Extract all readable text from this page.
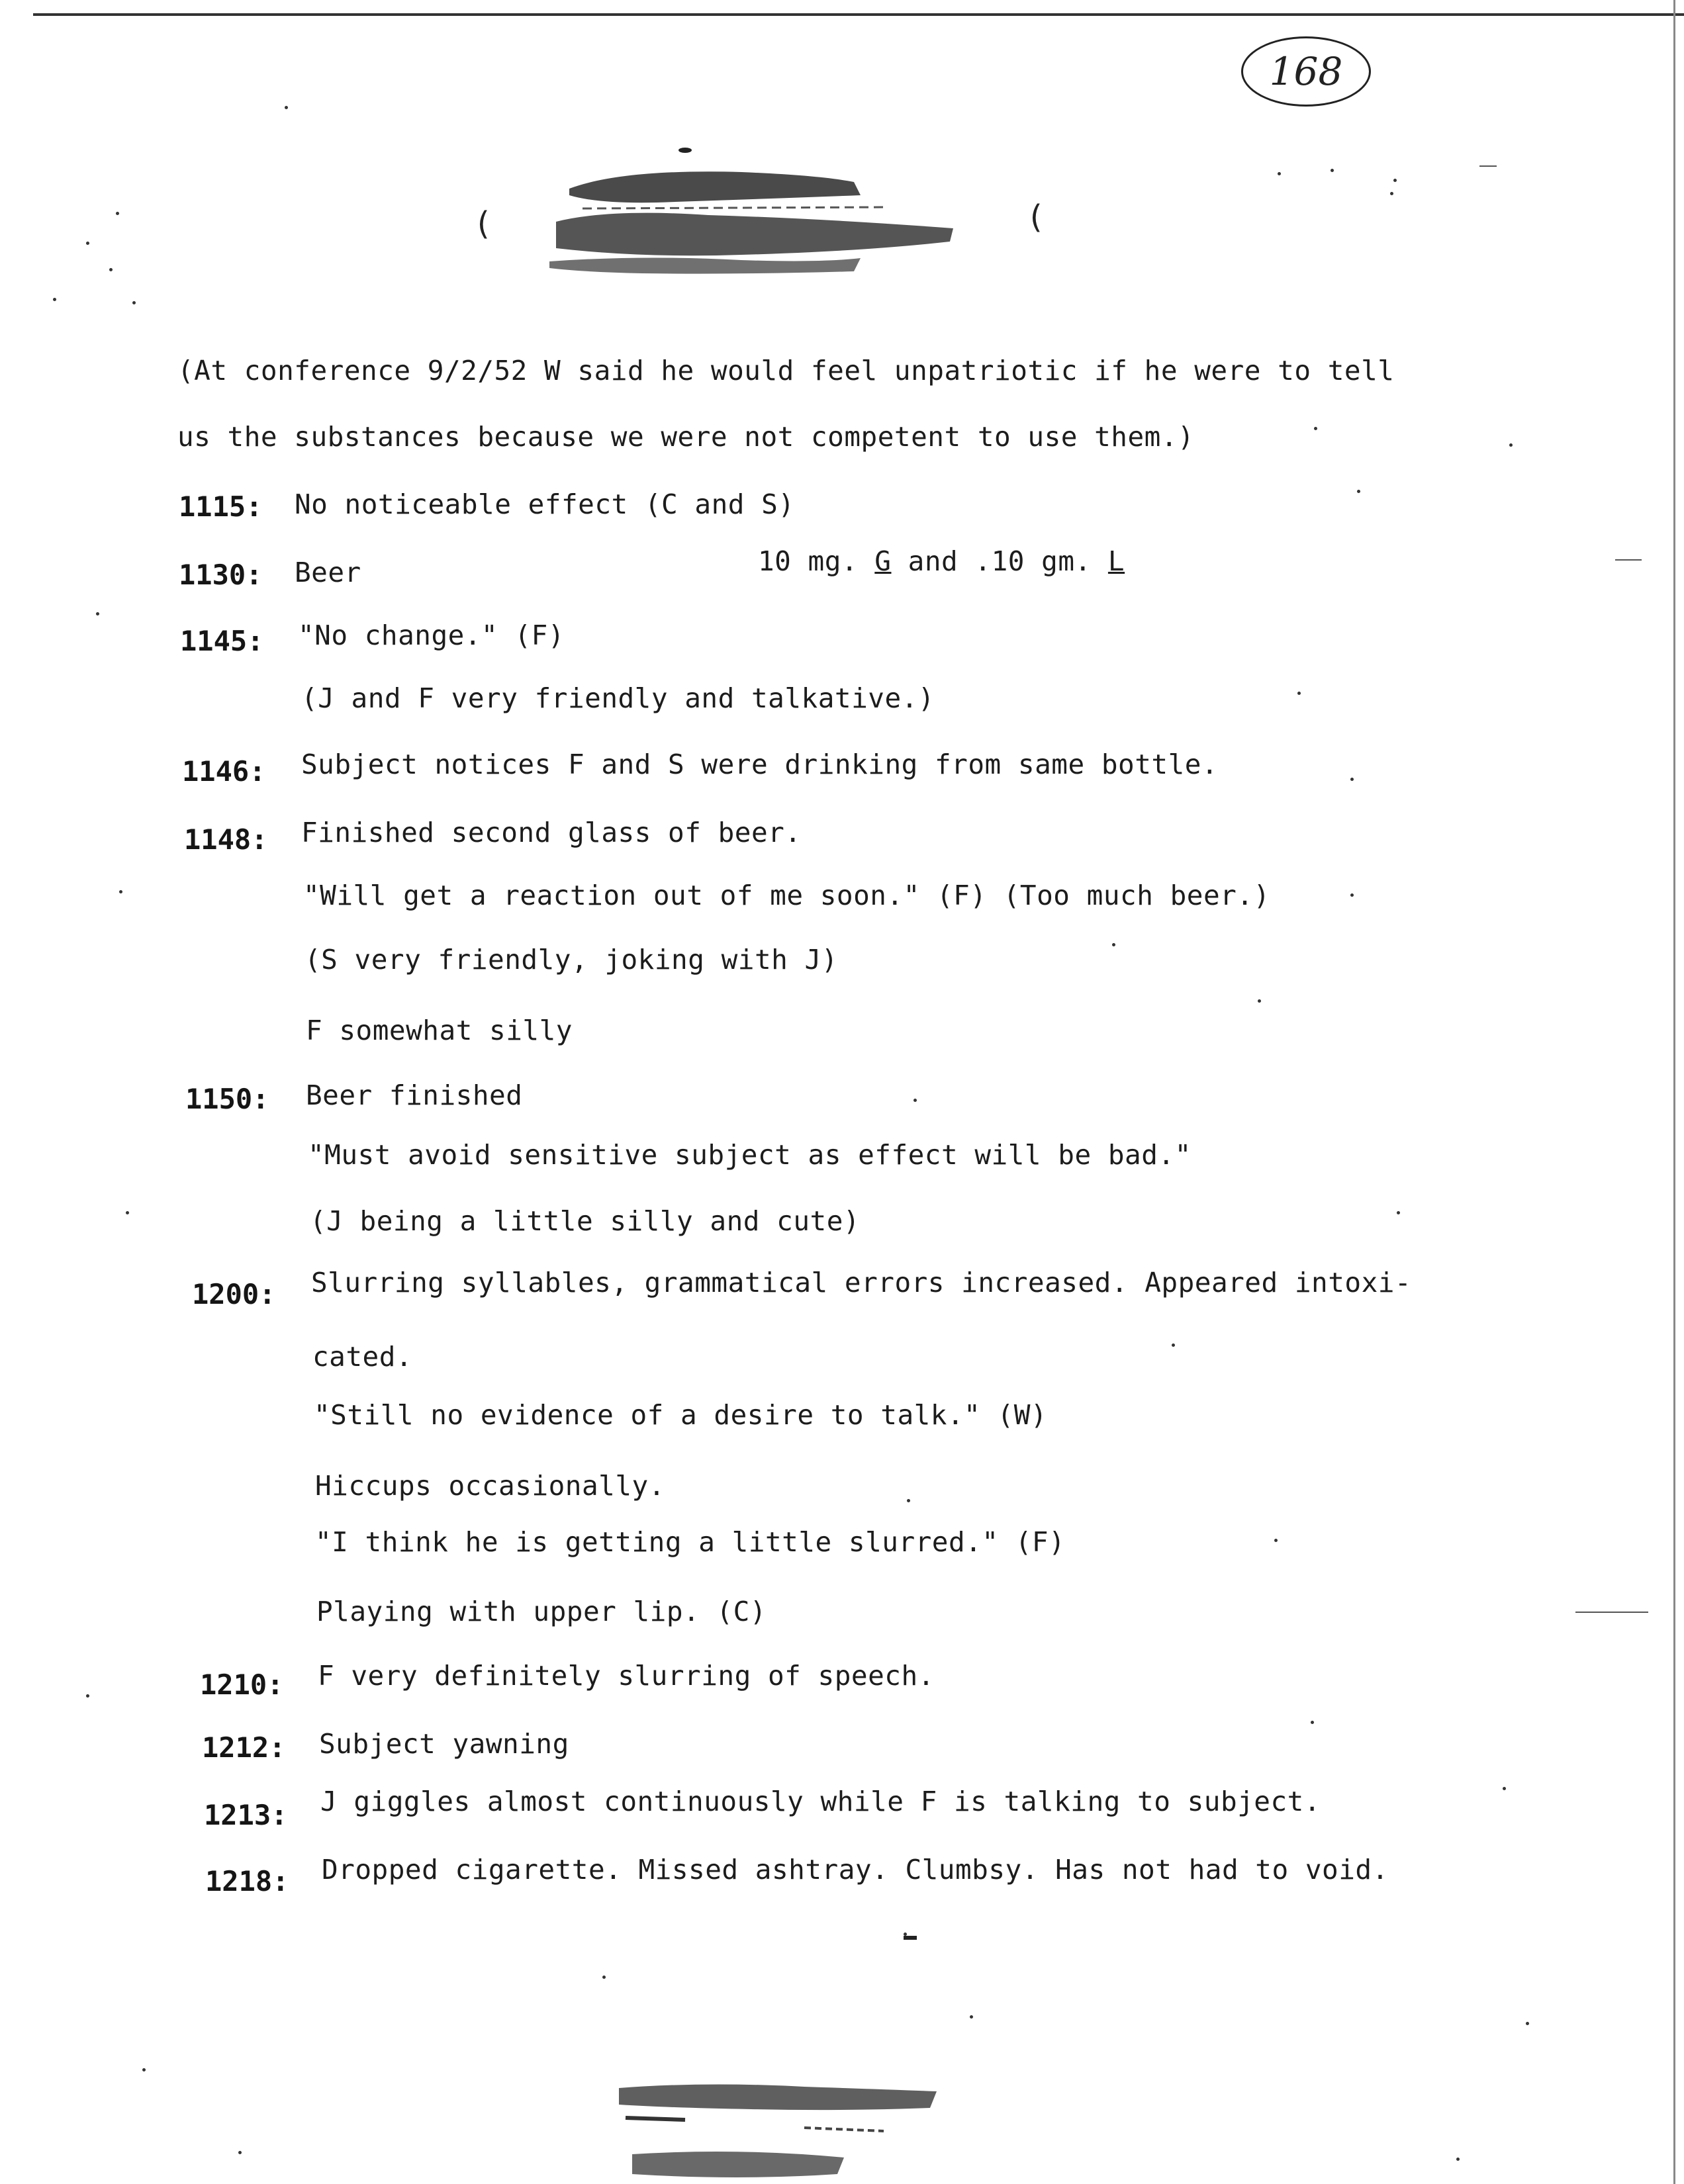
168
(	(
(At conference 9/2/52 W said he would feel unpatriotic if he were to tell
us the substances because we were not competent to use them.)
1115: No noticeable effect (C and S)
1130: Beer	10 mg. G and .10 gm. L
1145: "No change." (F)
(J and F very friendly and talkative.)
1146: Subject notices F and S were drinking from same bottle.
1148: Finished second glass of beer.
"Will get a reaction out of me soon." (F) (Too much beer.)
(S very friendly, joking with J)
F somewhat silly
1150: Beer finished
"Must avoid sensitive subject as effect will be bad."
(J being a little silly and cute)
1200: Slurring syllables, grammatical errors increased. Appeared intoxi-
cated.
"Still no evidence of a desire to talk." (W)
Hiccups occasionally.
"I think he is getting a little slurred." (F)
Playing with upper lip. (C)
1210: F very definitely slurring of speech.
1212: Subject yawning
1213: J giggles almost continuously while F is talking to subject.
1218: Dropped cigarette. Missed ashtray. Clumbsy. Has not had to void.
